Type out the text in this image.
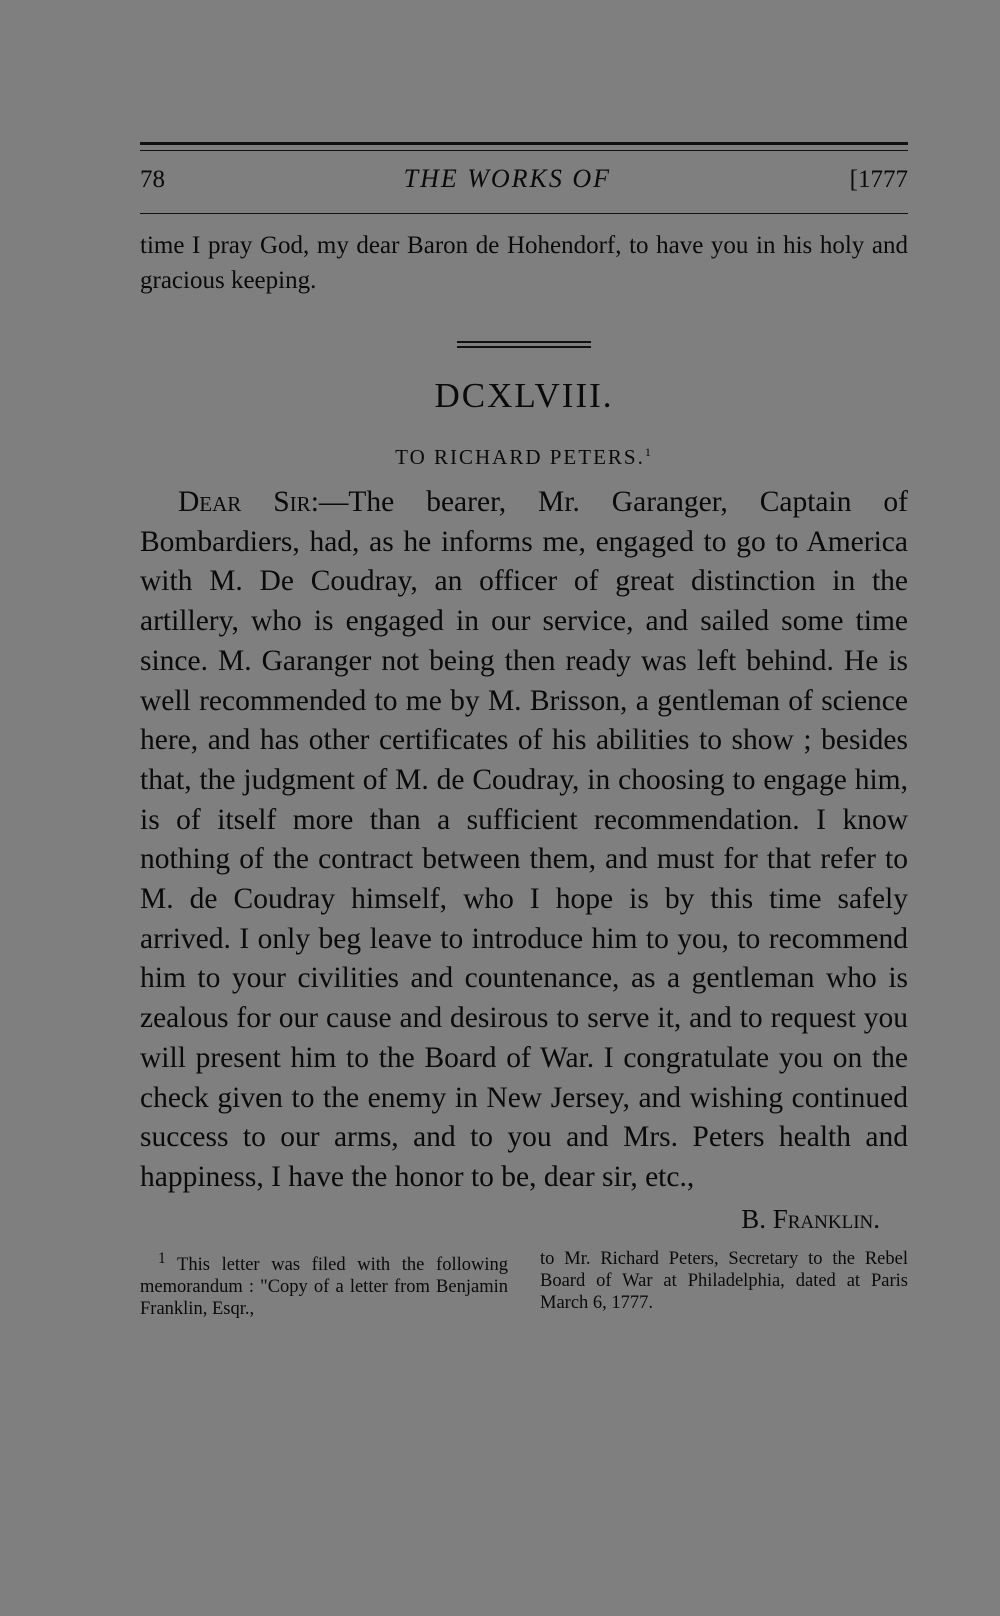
78	THE WORKS OF	[1777
time I pray God, my dear Baron de Hohendorf, to have you in his holy and gracious keeping.
DCXLVIII.
TO RICHARD PETERS.$^1$
Dear Sir:—The bearer, Mr. Garanger, Captain of Bombardiers, had, as he informs me, engaged to go to America with M. De Coudray, an officer of great distinction in the artillery, who is engaged in our service, and sailed some time since. M. Garanger not being then ready was left behind. He is well recommended to me by M. Brisson, a gentleman of science here, and has other certificates of his abilities to show ; besides that, the judgment of M. de Coudray, in choosing to engage him, is of itself more than a sufficient recommendation. I know nothing of the contract between them, and must for that refer to M. de Coudray himself, who I hope is by this time safely arrived. I only beg leave to introduce him to you, to recommend him to your civilities and countenance, as a gentleman who is zealous for our cause and desirous to serve it, and to request you will present him to the Board of War. I congratulate you on the check given to the enemy in New Jersey, and wishing continued success to our arms, and to you and Mrs. Peters health and happiness, I have the honor to be, dear sir, etc.,
B. Franklin.
$^1$ This letter was filed with the following memorandum : "Copy of a letter from Benjamin Franklin, Esqr.,
to Mr. Richard Peters, Secretary to the Rebel Board of War at Philadelphia, dated at Paris March 6, 1777.
